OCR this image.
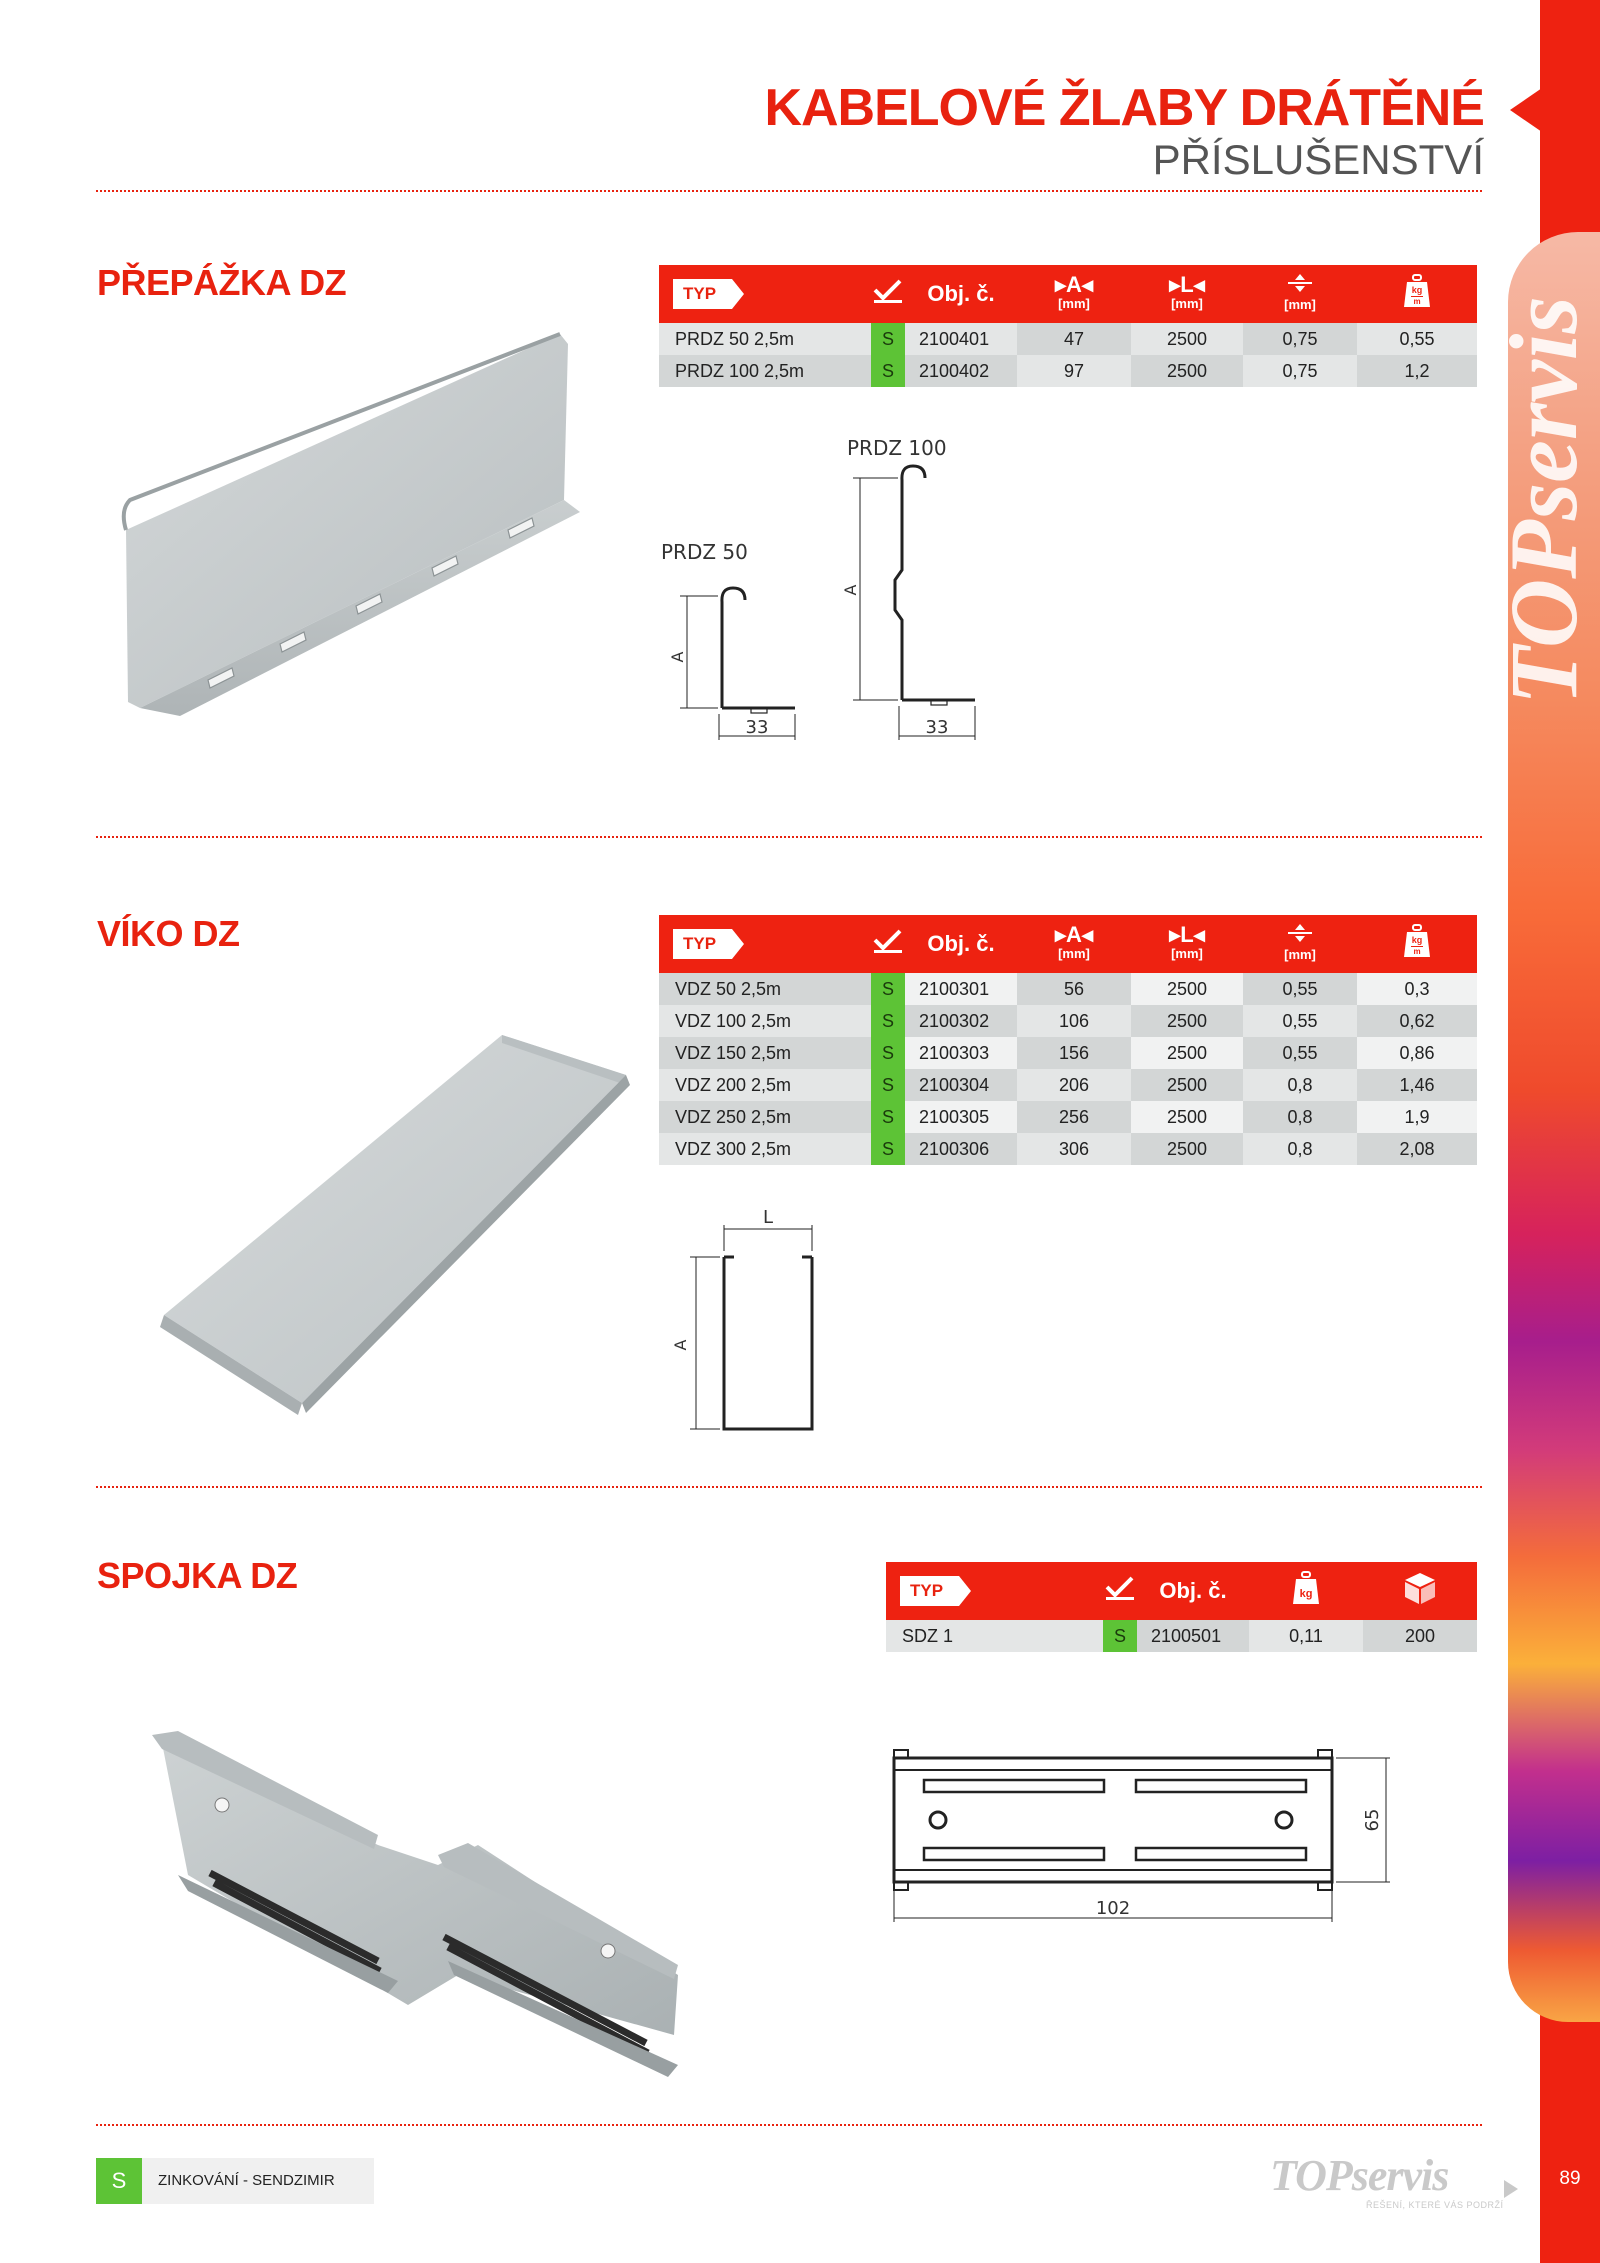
TOPservis
89
KABELOVÉ ŽLABY DRÁTĚNÉ
PŘÍSLUŠENSTVÍ
PŘEPÁŽKA DZ	TYP		Obj. č.	▸A◂
[mm]	▸L◂
[mm]	[mm]	kg
m

PRDZ 50 2,5m	S	2100401	47	2500	0,75	0,55
PRDZ 100 2,5m	S	2100402	97	2500	0,75	1,2
PRDZ 50
PRDZ 100
A
A
33	33
VÍKO DZ	TYP		Obj. č.	▸A◂
[mm]	▸L◂
[mm]	[mm]	kg
m

VDZ 50 2,5m	S	2100301	56	2500	0,55	0,3
VDZ 100 2,5m	S	2100302	106	2500	0,55	0,62
VDZ 150 2,5m	S	2100303	156	2500	0,55	0,86
VDZ 200 2,5m	S	2100304	206	2500	0,8	1,46
VDZ 250 2,5m	S	2100305	256	2500	0,8	1,9
VDZ 300 2,5m	S	2100306	306	2500	0,8	2,08
L
A
SPOJKA DZ	TYP		Obj. č.	kg

SDZ 1	S	2100501	0,11	200
65
102
S	ZINKOVÁNÍ - SENDZIMIR	TOPservis
ŘEŠENÍ, KTERÉ VÁS PODRŽÍ
